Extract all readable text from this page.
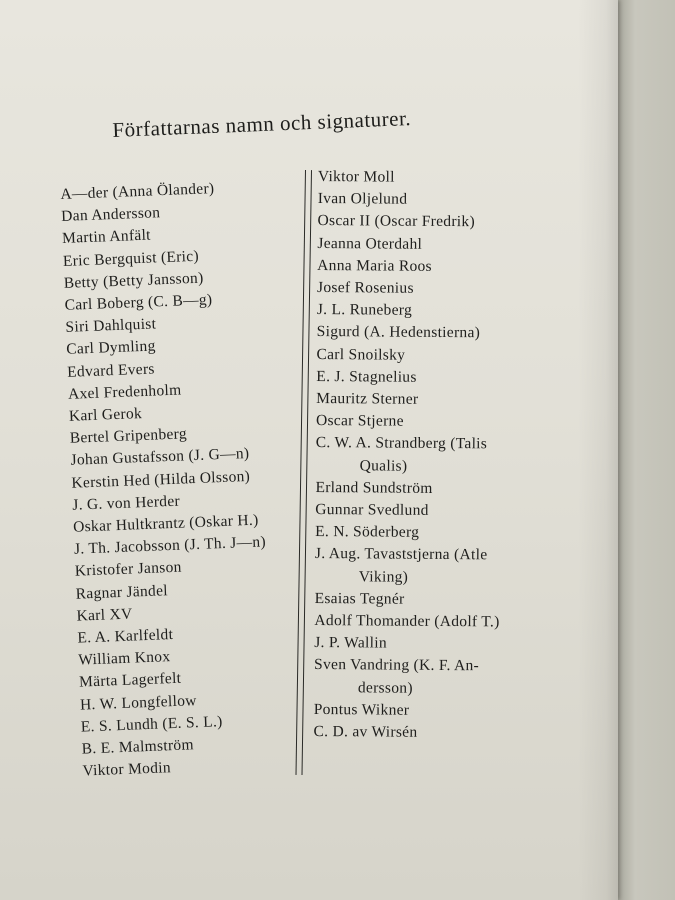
Författarnas namn och signaturer.
A—der (Anna Ölander)
Dan Andersson
Martin Anfält
Eric Bergquist (Eric)
Betty (Betty Jansson)
Carl Boberg (C. B—g)
Siri Dahlquist
Carl Dymling
Edvard Evers
Axel Fredenholm
Karl Gerok
Bertel Gripenberg
Johan Gustafsson (J. G—n)
Kerstin Hed (Hilda Olsson)
J. G. von Herder
Oskar Hultkrantz (Oskar H.)
J. Th. Jacobsson (J. Th. J—n)
Kristofer Janson
Ragnar Jändel
Karl XV
E. A. Karlfeldt
William Knox
Märta Lagerfelt
H. W. Longfellow
E. S. Lundh (E. S. L.)
B. E. Malmström
Viktor Modin
Viktor Moll
Ivan Oljelund
Oscar II (Oscar Fredrik)
Jeanna Oterdahl
Anna Maria Roos
Josef Rosenius
J. L. Runeberg
Sigurd (A. Hedenstierna)
Carl Snoilsky
E. J. Stagnelius
Mauritz Sterner
Oscar Stjerne
C. W. A. Strandberg (Talis
Qualis)
Erland Sundström
Gunnar Svedlund
E. N. Söderberg
J. Aug. Tavaststjerna (Atle
Viking)
Esaias Tegnér
Adolf Thomander (Adolf T.)
J. P. Wallin
Sven Vandring (K. F. An-
dersson)
Pontus Wikner
C. D. av Wirsén
